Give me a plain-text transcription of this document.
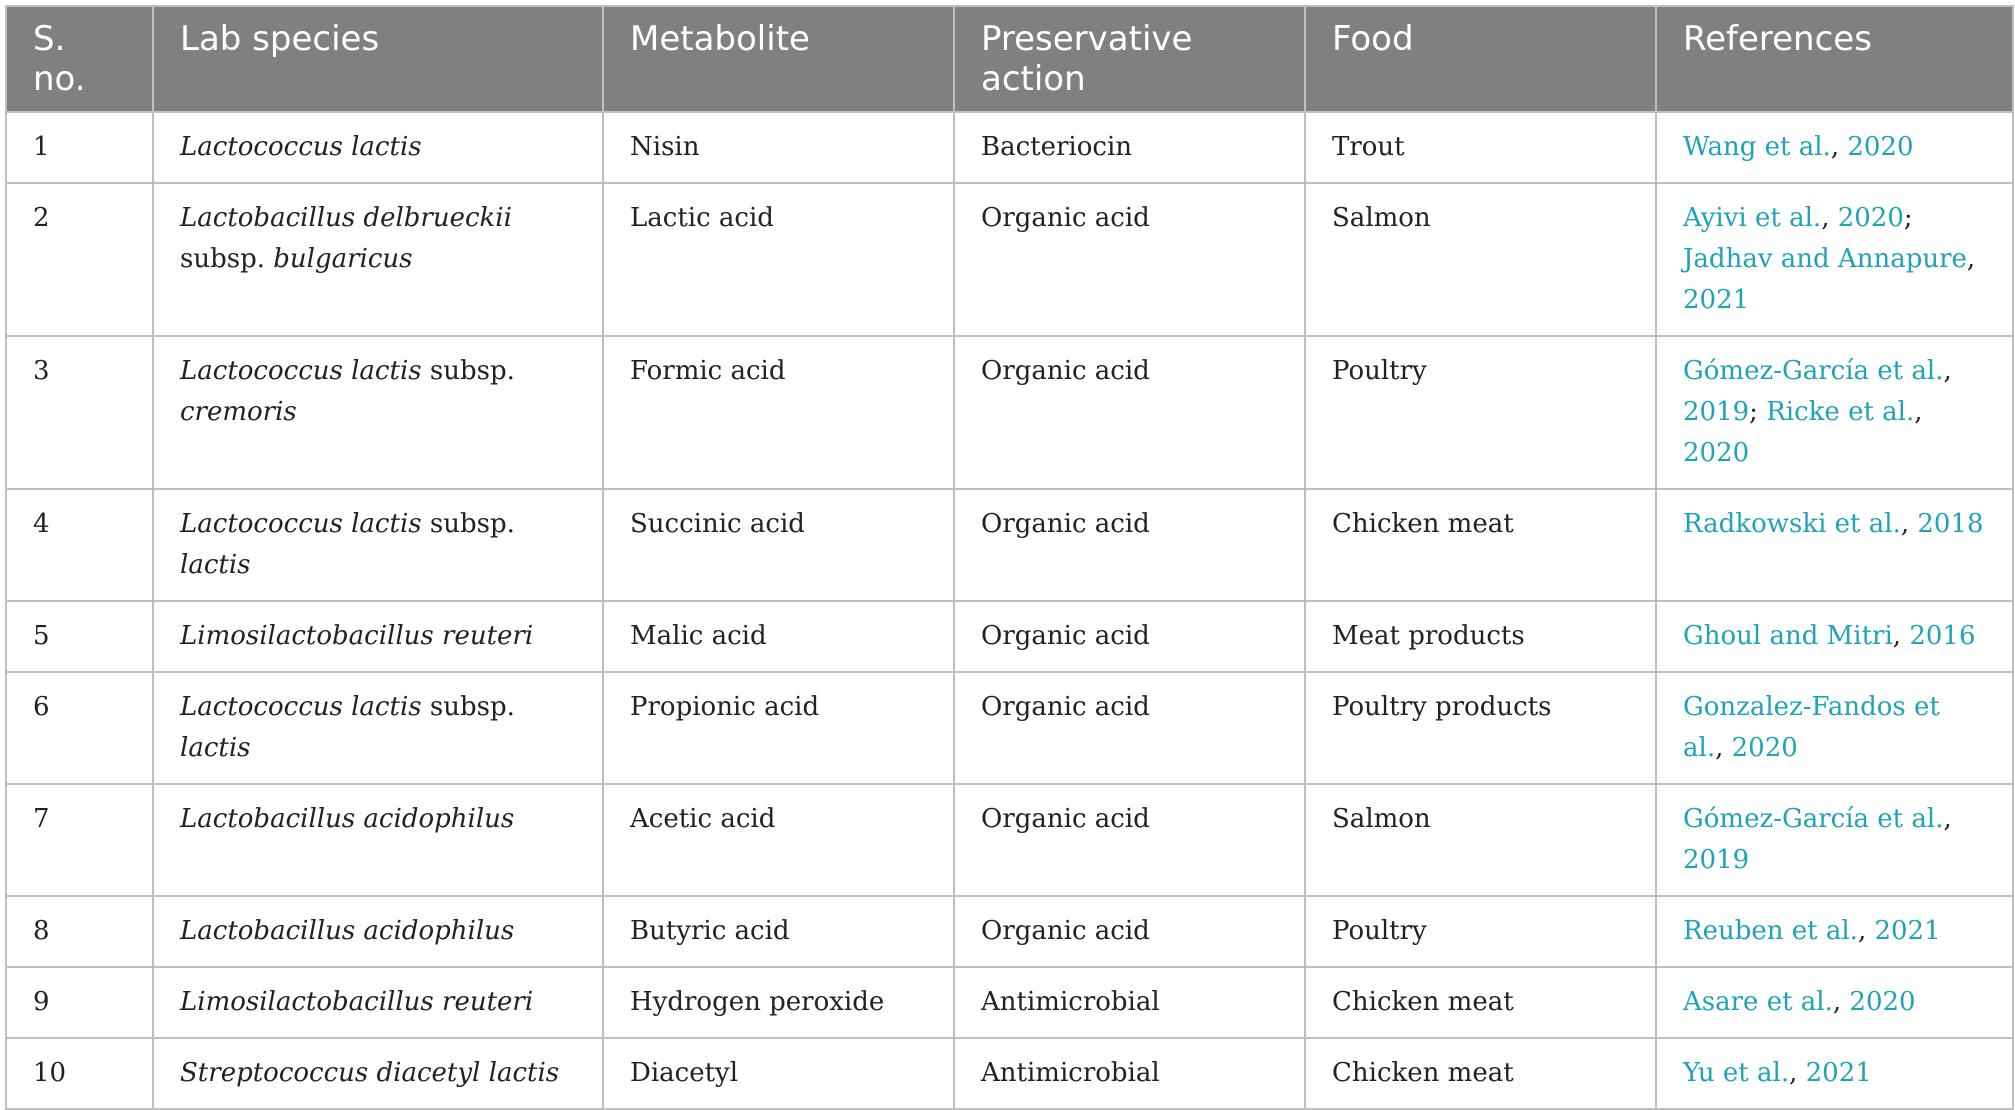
S. no.	Lab species	Metabolite	Preservative action	Food	References
1	Lactococcus lactis	Nisin	Bacteriocin	Trout	Wang et al., 2020
2	Lactobacillus delbrueckii subsp. bulgaricus	Lactic acid	Organic acid	Salmon	Ayivi et al., 2020; Jadhav and Annapure, 2021
3	Lactococcus lactis subsp. cremoris	Formic acid	Organic acid	Poultry	Gómez-García et al., 2019; Ricke et al., 2020
4	Lactococcus lactis subsp. lactis	Succinic acid	Organic acid	Chicken meat	Radkowski et al., 2018
5	Limosilactobacillus reuteri	Malic acid	Organic acid	Meat products	Ghoul and Mitri, 2016
6	Lactococcus lactis subsp. lactis	Propionic acid	Organic acid	Poultry products	Gonzalez-Fandos et al., 2020
7	Lactobacillus acidophilus	Acetic acid	Organic acid	Salmon	Gómez-García et al., 2019
8	Lactobacillus acidophilus	Butyric acid	Organic acid	Poultry	Reuben et al., 2021
9	Limosilactobacillus reuteri	Hydrogen peroxide	Antimicrobial	Chicken meat	Asare et al., 2020
10	Streptococcus diacetyl lactis	Diacetyl	Antimicrobial	Chicken meat	Yu et al., 2021
